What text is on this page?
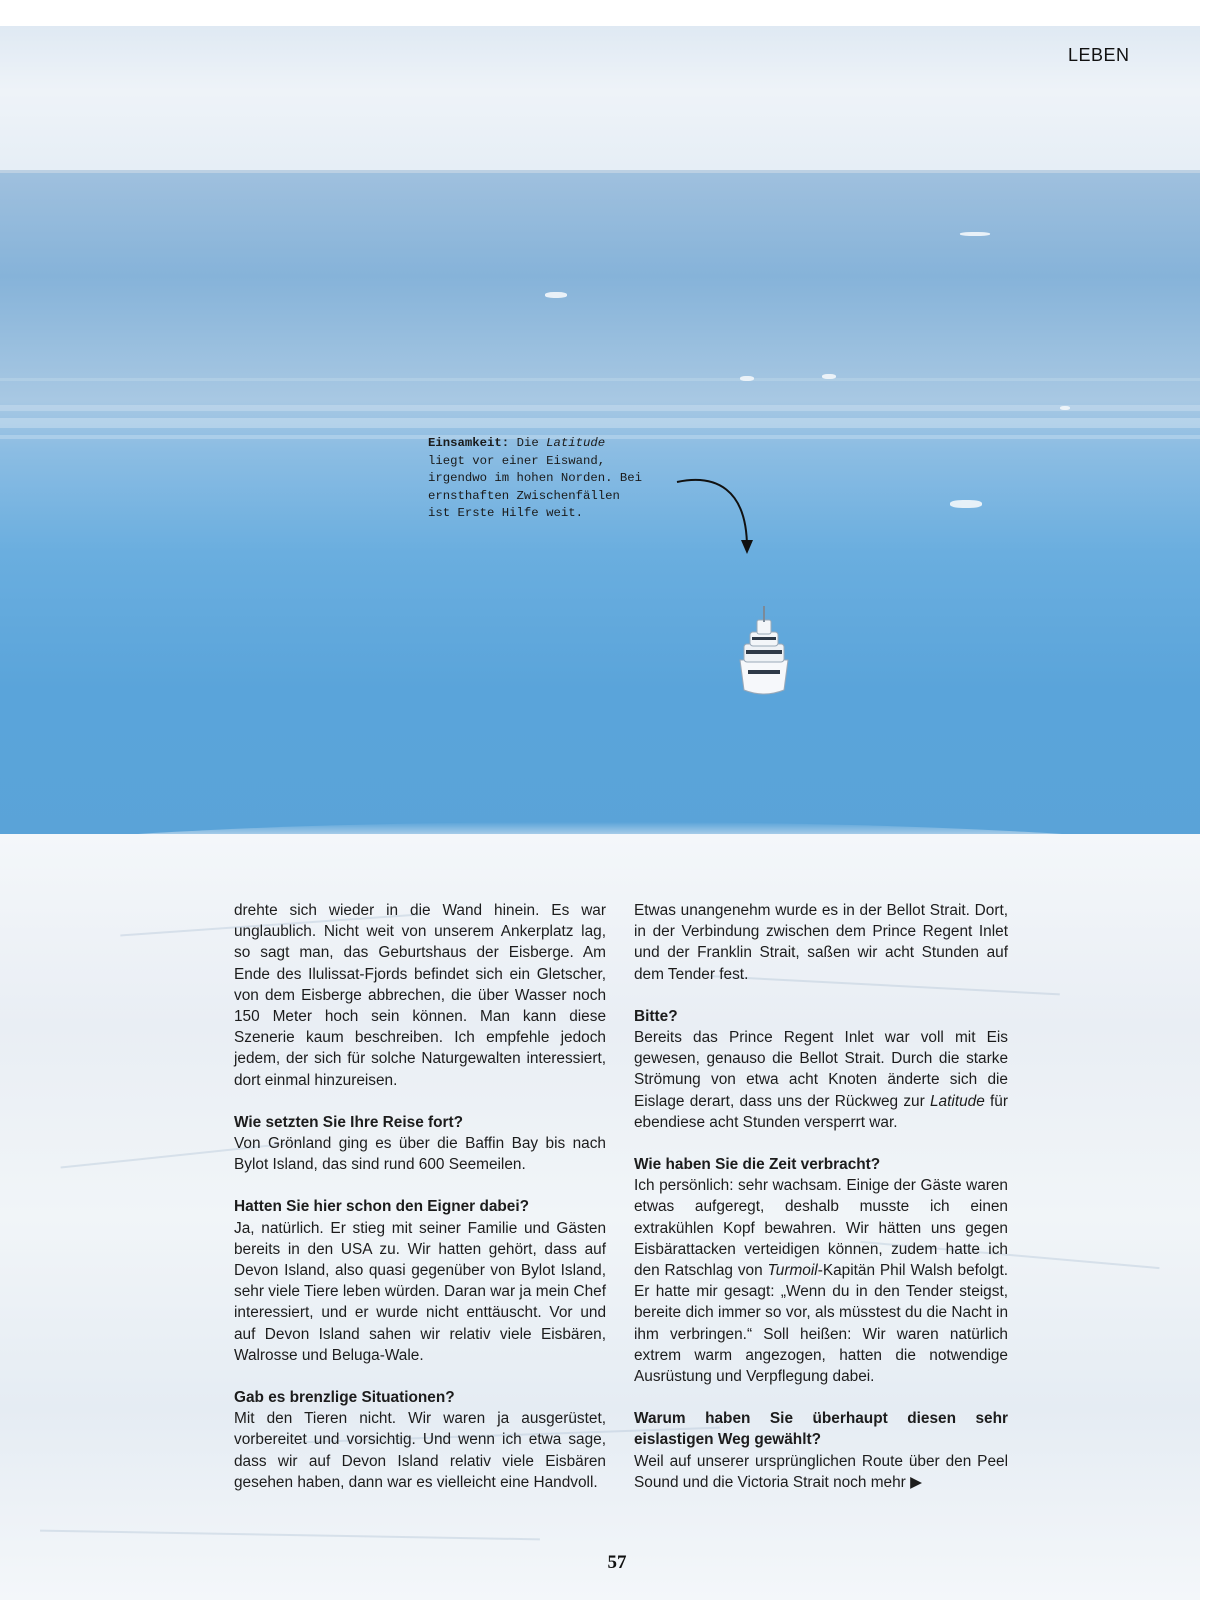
LEBEN
Einsamkeit: Die Latitude
liegt vor einer Eiswand,
irgendwo im hohen Norden. Bei
ernsthaften Zwischenfällen
ist Erste Hilfe weit.

drehte sich wieder in die Wand hinein. Es war unglaublich. Nicht weit von unserem Ankerplatz lag, so sagt man, das Geburtshaus der Eisberge. Am Ende des Ilulissat-Fjords befindet sich ein Gletscher, von dem Eisberge abbrechen, die über Wasser noch 150 Meter hoch sein können. Man kann diese Szenerie kaum beschreiben. Ich empfehle jedoch jedem, der sich für solche Naturgewalten interessiert, dort einmal hinzureisen.

Wie setzten Sie Ihre Reise fort?
Von Grönland ging es über die Baffin Bay bis nach Bylot Island, das sind rund 600 Seemeilen.

Hatten Sie hier schon den Eigner dabei?
Ja, natürlich. Er stieg mit seiner Familie und Gästen bereits in den USA zu. Wir hatten gehört, dass auf Devon Island, also quasi gegenüber von Bylot Island, sehr viele Tiere leben würden. Daran war ja mein Chef interessiert, und er wurde nicht enttäuscht. Vor und auf Devon Island sahen wir relativ viele Eisbären, Walrosse und Beluga-Wale.

Gab es brenzlige Situationen?
Mit den Tieren nicht. Wir waren ja ausgerüstet, vorbereitet und vorsichtig. Und wenn ich etwa sage, dass wir auf Devon Island relativ viele Eisbären gesehen haben, dann war es vielleicht eine Handvoll.

Etwas unangenehm wurde es in der Bellot Strait. Dort, in der Verbindung zwischen dem Prince Regent Inlet und der Franklin Strait, saßen wir acht Stunden auf dem Tender fest.

Bitte?
Bereits das Prince Regent Inlet war voll mit Eis gewesen, genauso die Bellot Strait. Durch die starke Strömung von etwa acht Knoten änderte sich die Eislage derart, dass uns der Rückweg zur Latitude für ebendiese acht Stunden versperrt war.

Wie haben Sie die Zeit verbracht?
Ich persönlich: sehr wachsam. Einige der Gäste waren etwas aufgeregt, deshalb musste ich einen extrakühlen Kopf bewahren. Wir hätten uns gegen Eisbärattacken verteidigen können, zudem hatte ich den Ratschlag von Turmoil-Kapitän Phil Walsh befolgt. Er hatte mir gesagt: „Wenn du in den Tender steigst, bereite dich immer so vor, als müsstest du die Nacht in ihm verbringen.“ Soll heißen: Wir waren natürlich extrem warm angezogen, hatten die notwendige Ausrüstung und Verpflegung dabei.

Warum haben Sie überhaupt diesen sehr eislastigen Weg gewählt?
Weil auf unserer ursprünglichen Route über den Peel Sound und die Victoria Strait noch mehr ▶

57
